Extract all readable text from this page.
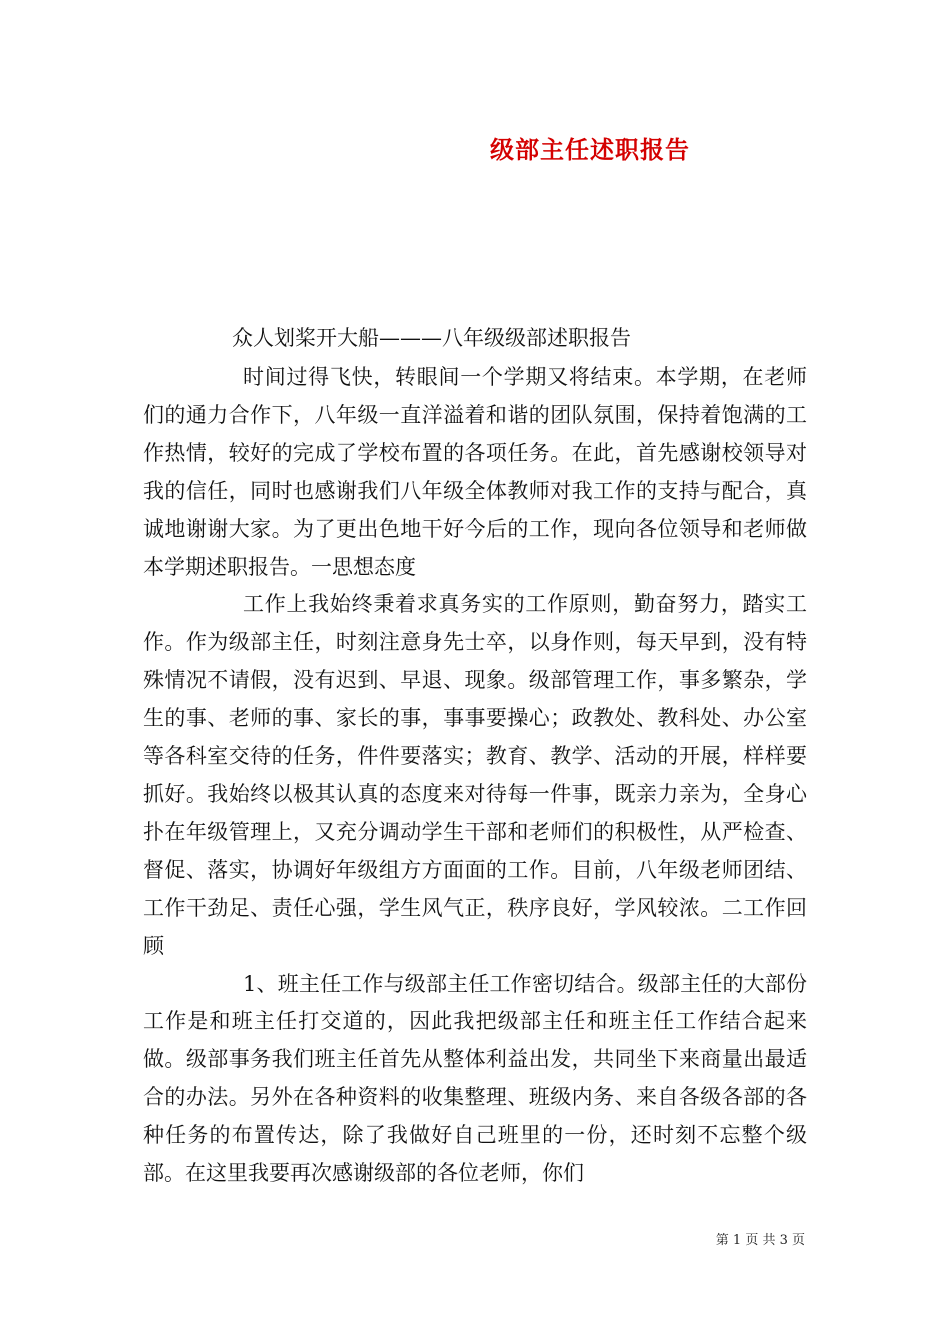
级部主任述职报告
众人划桨开大船———八年级级部述职报告

时间过得飞快，转眼间一个学期又将结束。本学期，在老师们的通力合作下，八年级一直洋溢着和谐的团队氛围，保持着饱满的工作热情，较好的完成了学校布置的各项任务。在此，首先感谢校领导对我的信任，同时也感谢我们八年级全体教师对我工作的支持与配合，真诚地谢谢大家。为了更出色地干好今后的工作，现向各位领导和老师做本学期述职报告。一思想态度

工作上我始终秉着求真务实的工作原则，勤奋努力，踏实工作。作为级部主任，时刻注意身先士卒，以身作则，每天早到，没有特殊情况不请假，没有迟到、早退、现象。级部管理工作，事多繁杂，学生的事、老师的事、家长的事，事事要操心；政教处、教科处、办公室等各科室交待的任务，件件要落实；教育、教学、活动的开展，样样要抓好。我始终以极其认真的态度来对待每一件事，既亲力亲为，全身心扑在年级管理上，又充分调动学生干部和老师们的积极性，从严检查、督促、落实，协调好年级组方方面面的工作。目前，八年级老师团结、工作干劲足、责任心强，学生风气正，秩序良好，学风较浓。二工作回顾

1、班主任工作与级部主任工作密切结合。级部主任的大部份工作是和班主任打交道的，因此我把级部主任和班主任工作结合起来做。级部事务我们班主任首先从整体利益出发，共同坐下来商量出最适合的办法。另外在各种资料的收集整理、班级内务、来自各级各部的各种任务的布置传达，除了我做好自己班里的一份，还时刻不忘整个级部。在这里我要再次感谢级部的各位老师，你们

第 1 页 共 3 页
